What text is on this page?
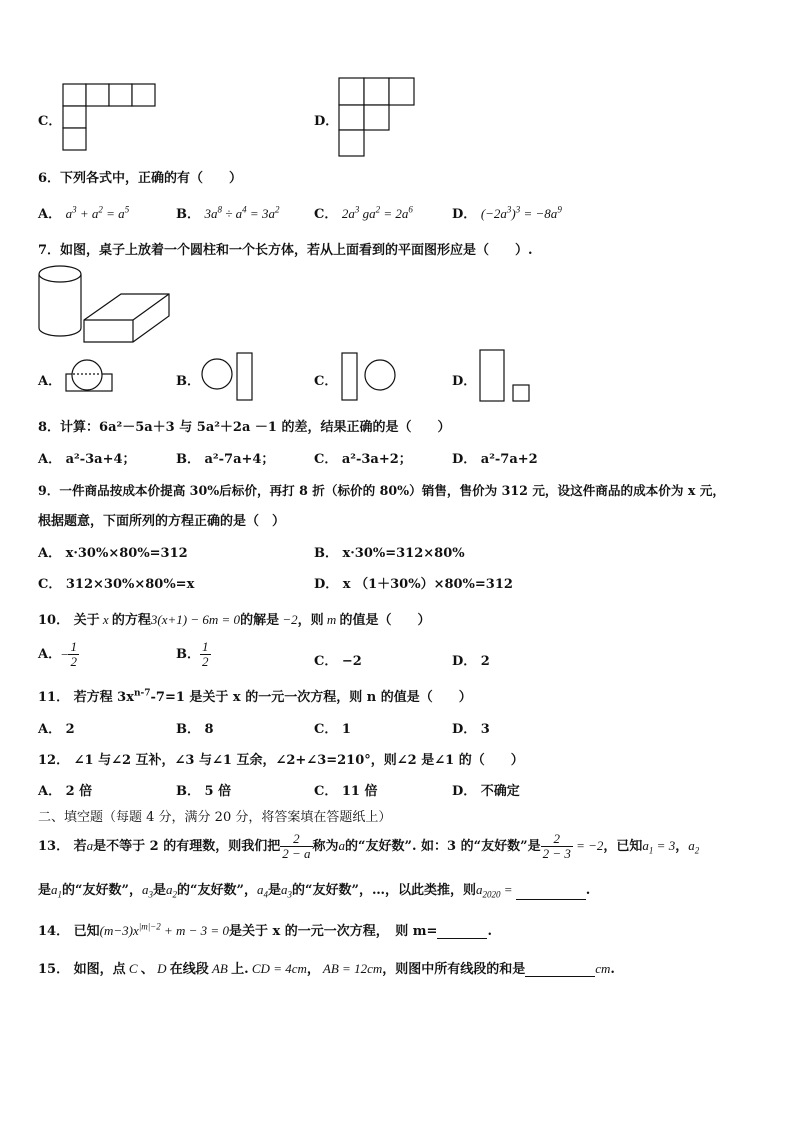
C．	D．
6．下列各式中，正确的有（　　）
A． $a^3 + a^2 = a^5$	B． $3a^8 \div a^4 = 3a^2$	C． $2a^3$ $ga^2 = 2a^6$	D． $(-2a^3)^3 = -8a^9$
7．如图，桌子上放着一个圆柱和一个长方体，若从上面看到的平面图形应是（　　）.
A．	B．	C．	D．
8．计算：6a²－5a＋3 与 5a²＋2a －1 的差，结果正确的是（　　）
A． a²-3a+4；	B． a²-7a+4；	C． a²-3a+2；	D． a²-7a+2
9．一件商品按成本价提高 30%后标价，再打 8 折（标价的 80%）销售，售价为 312 元，设这件商品的成本价为 x 元，
根据题意，下面所列的方程正确的是（　）
A． x·30%×80%=312	B． x·30%=312×80%
C． 312×30%×80%=x	D． x （1＋30%）×80%=312
10． 关于 x 的方程3(x+1) − 6m = 0的解是 −2，则 m 的值是（　　）
A．− $\frac{1}{2}$	B． $\frac{1}{2}$	C． −2	D． 2
11． 若方程 $3x^{n-7}-7=1$ 是关于 x 的一元一次方程，则 n 的值是（　　）
A． 2	B． 8	C． 1	D． 3
12． ∠1 与∠2 互补，∠3 与∠1 互余，∠2+∠3=210°，则∠2 是∠1 的（　　）
A． 2 倍	B． 5 倍	C． 11 倍	D． 不确定
二、填空题（每题 4 分，满分 20 分，将答案填在答题纸上）
13． 若a是不等于 2 的有理数，则我们把 $\frac{2}{2 - a}$ 称为a的“友好数”. 如：3 的“友好数”是 $\frac{2}{2 - 3} = -2$，已知$a_1 = 3$，$a_2$
是$a_1$的“友好数”，$a_3$是$a_2$的“友好数”，$a_4$是$a_3$的“友好数”，…，以此类推，则$a_{2020}$ =	.
14． 已知$(m-3)x^{|m|-2} + m - 3 = 0$是关于 x 的一元一次方程，　则 m=	.
15． 如图，点 C 、 D 在线段 AB 上. CD = 4cm， AB = 12cm，则图中所有线段的和是	cm.
